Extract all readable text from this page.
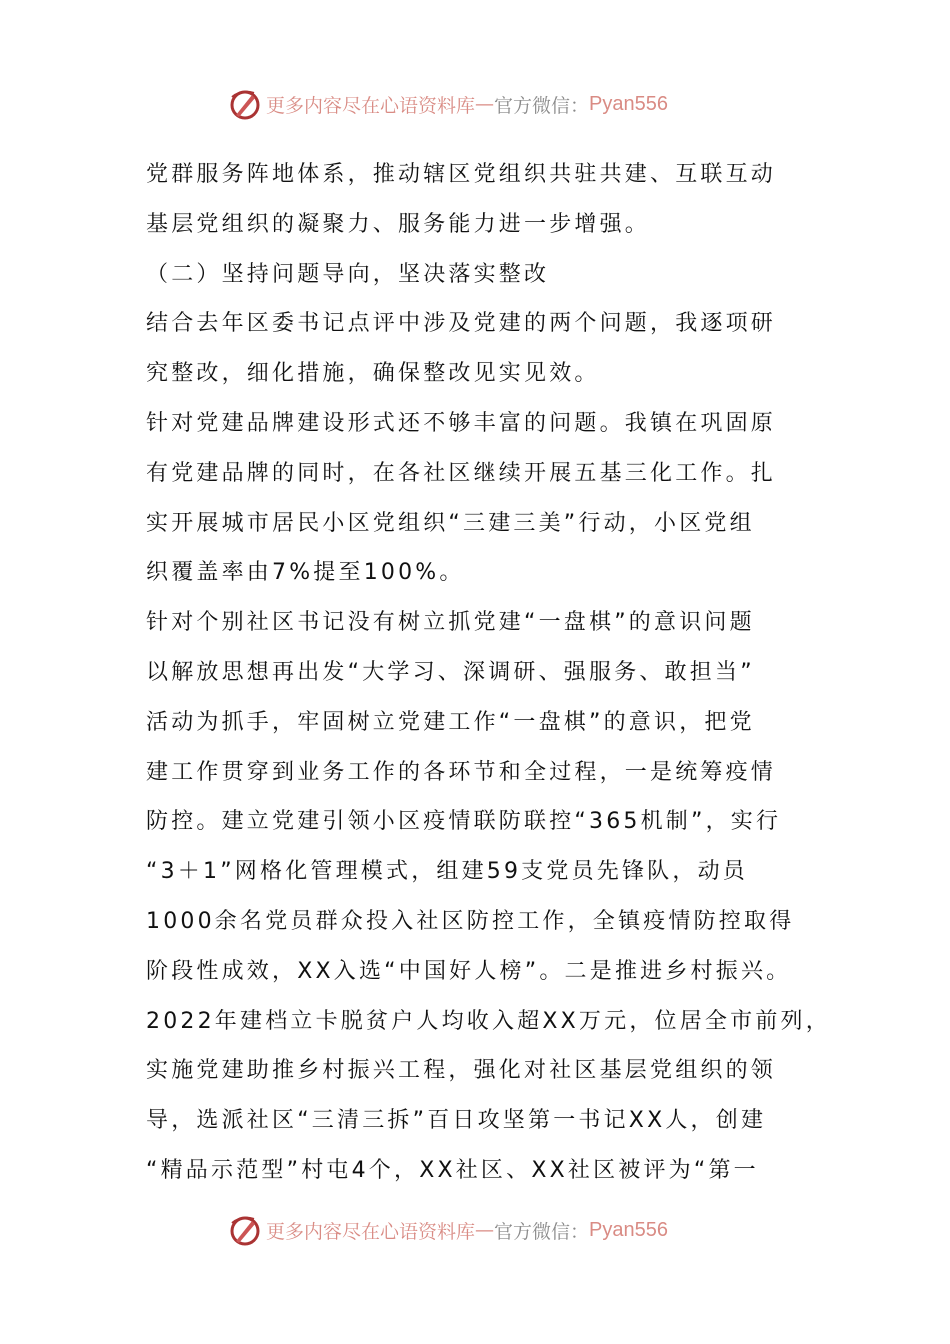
更多内容尽在心语资料库 — 官方微信： Pyan556
党群服务阵地体系，推动辖区党组织共驻共建、互联互动
基层党组织的凝聚力、服务能力进一步增强。
（二）坚持问题导向，坚决落实整改
结合去年区委书记点评中涉及党建的两个问题，我逐项研
究整改，细化措施，确保整改见实见效。
针对党建品牌建设形式还不够丰富的问题。我镇在巩固原
有党建品牌的同时，在各社区继续开展五基三化工作。扎
实开展城市居民小区党组织“三建三美”行动，小区党组
织覆盖率由7%提至100%。
针对个别社区书记没有树立抓党建“一盘棋”的意识问题
以解放思想再出发“大学习、深调研、强服务、敢担当”
活动为抓手，牢固树立党建工作“一盘棋”的意识，把党
建工作贯穿到业务工作的各环节和全过程，一是统筹疫情
防控。建立党建引领小区疫情联防联控“365机制”，实行
“3＋1”网格化管理模式，组建59支党员先锋队，动员
1000余名党员群众投入社区防控工作，全镇疫情防控取得
阶段性成效，XX入选“中国好人榜”。二是推进乡村振兴。
2022年建档立卡脱贫户人均收入超XX万元，位居全市前列，
实施党建助推乡村振兴工程，强化对社区基层党组织的领
导，选派社区“三清三拆”百日攻坚第一书记XX人，创建
“精品示范型”村屯4个，XX社区、XX社区被评为“第一
更多内容尽在心语资料库 — 官方微信： Pyan556
